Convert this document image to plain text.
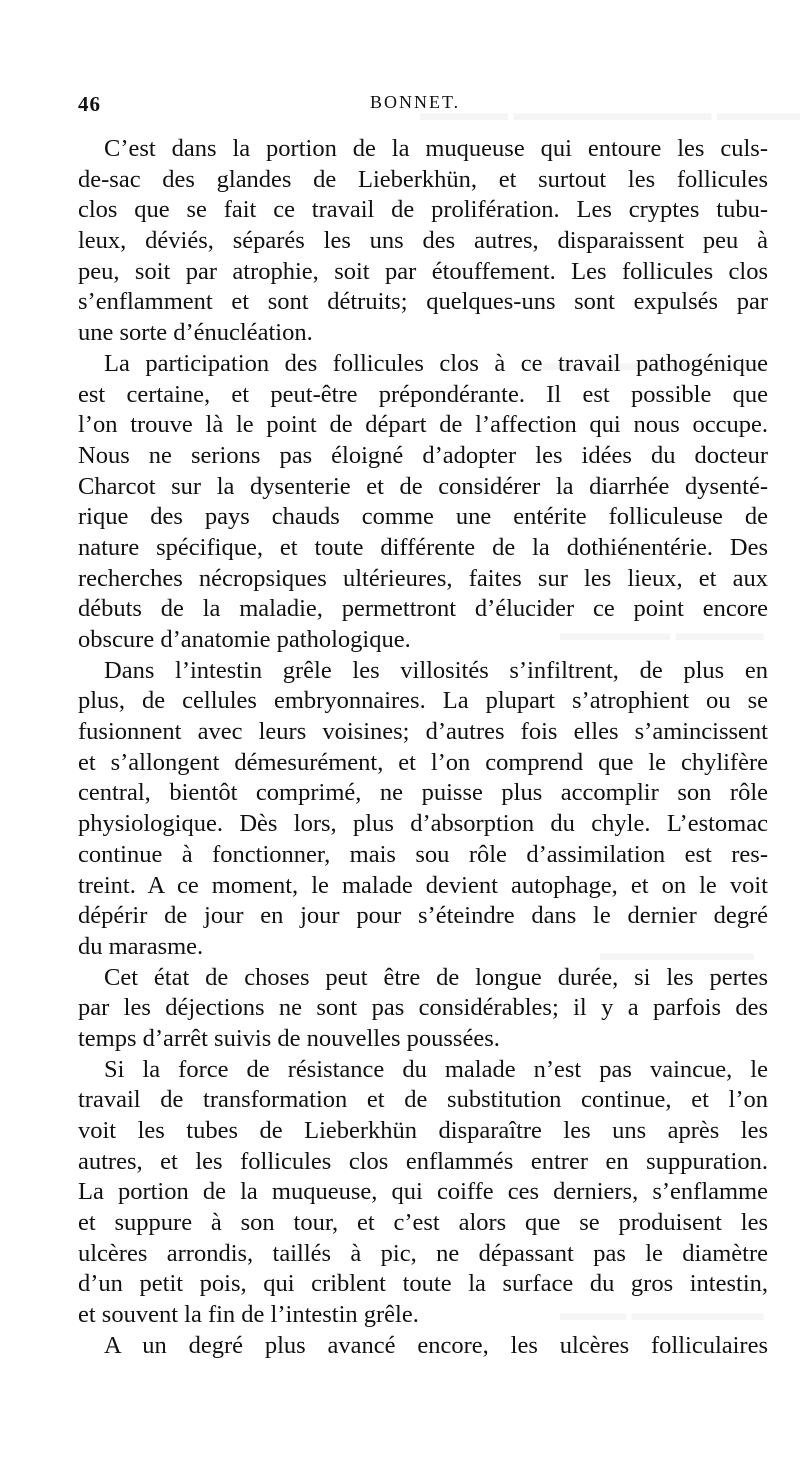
46	BONNET.
C’est dans la portion de la muqueuse qui entoure les culs-
de-sac des glandes de Lieberkhün, et surtout les follicules
clos que se fait ce travail de prolifération. Les cryptes tubu-
leux, déviés, séparés les uns des autres, disparaissent peu à
peu, soit par atrophie, soit par étouffement. Les follicules clos
s’enflamment et sont détruits; quelques-uns sont expulsés par
une sorte d’énucléation.
La participation des follicules clos à ce travail pathogénique
est certaine, et peut-être prépondérante. Il est possible que
l’on trouve là le point de départ de l’affection qui nous occupe.
Nous ne serions pas éloigné d’adopter les idées du docteur
Charcot sur la dysenterie et de considérer la diarrhée dysenté-
rique des pays chauds comme une entérite folliculeuse de
nature spécifique, et toute différente de la dothiénentérie. Des
recherches nécropsiques ultérieures, faites sur les lieux, et aux
débuts de la maladie, permettront d’élucider ce point encore
obscure d’anatomie pathologique.
Dans l’intestin grêle les villosités s’infiltrent, de plus en
plus, de cellules embryonnaires. La plupart s’atrophient ou se
fusionnent avec leurs voisines; d’autres fois elles s’amincissent
et s’allongent démesurément, et l’on comprend que le chylifère
central, bientôt comprimé, ne puisse plus accomplir son rôle
physiologique. Dès lors, plus d’absorption du chyle. L’estomac
continue à fonctionner, mais sou rôle d’assimilation est res-
treint. A ce moment, le malade devient autophage, et on le voit
dépérir de jour en jour pour s’éteindre dans le dernier degré
du marasme.
Cet état de choses peut être de longue durée, si les pertes
par les déjections ne sont pas considérables; il y a parfois des
temps d’arrêt suivis de nouvelles poussées.
Si la force de résistance du malade n’est pas vaincue, le
travail de transformation et de substitution continue, et l’on
voit les tubes de Lieberkhün disparaître les uns après les
autres, et les follicules clos enflammés entrer en suppuration.
La portion de la muqueuse, qui coiffe ces derniers, s’enflamme
et suppure à son tour, et c’est alors que se produisent les
ulcères arrondis, taillés à pic, ne dépassant pas le diamètre
d’un petit pois, qui criblent toute la surface du gros intestin,
et souvent la fin de l’intestin grêle.
A un degré plus avancé encore, les ulcères folliculaires
